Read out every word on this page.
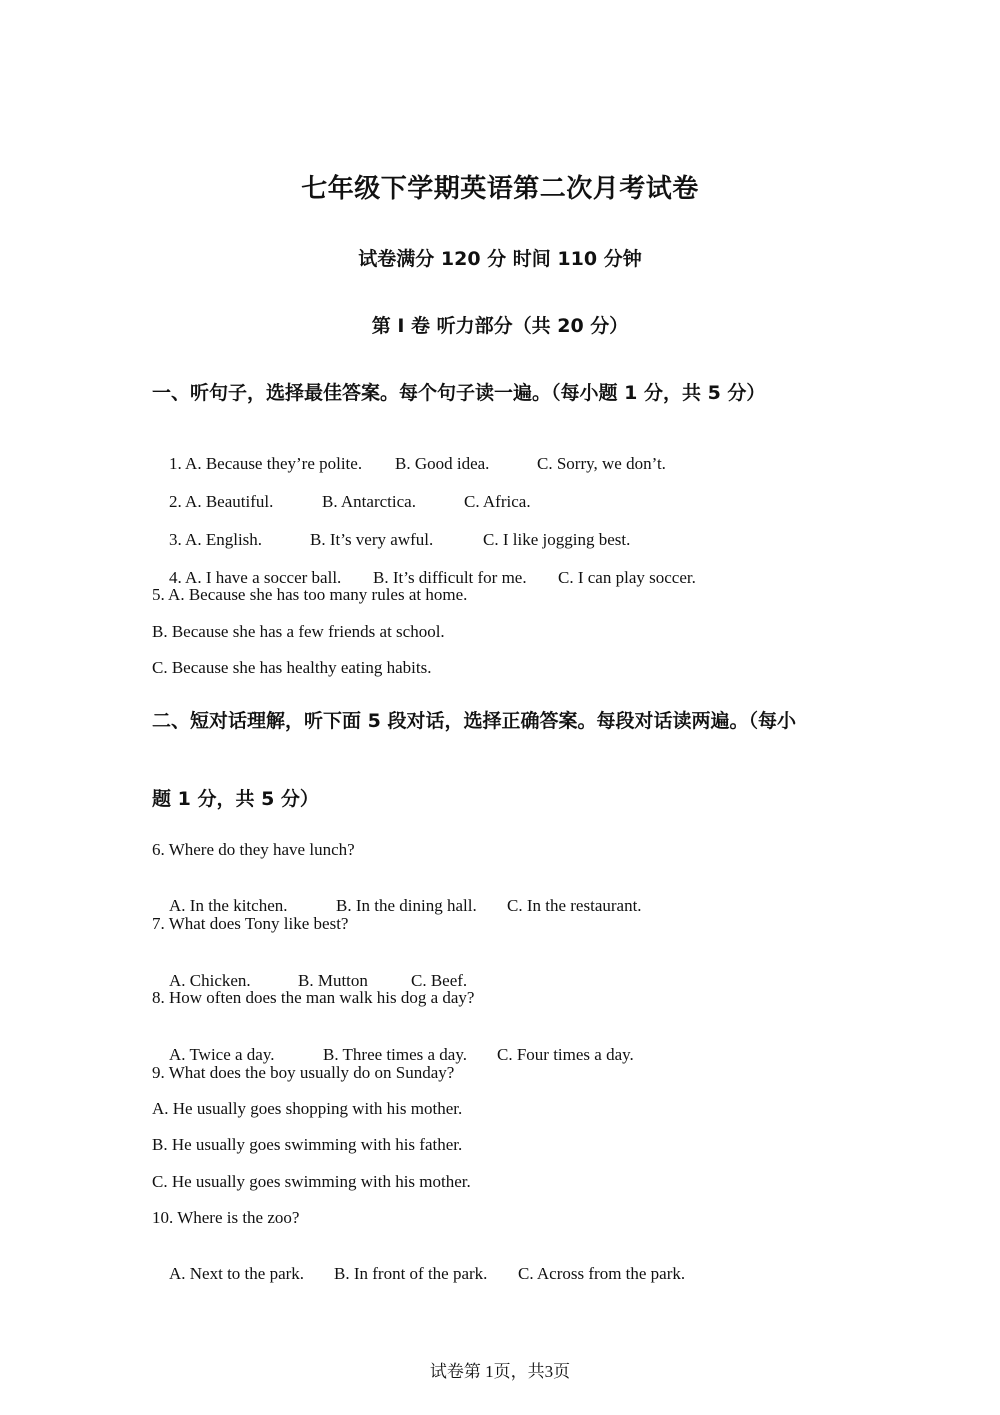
七年级下学期英语第二次月考试卷
试卷满分 120 分 时间 110 分钟
第 I 卷 听力部分（共 20 分）
一、听句子，选择最佳答案。每个句子读一遍。（每小题 1 分，共 5 分）

1. A. Because they’re polite. B. Good idea.	C. Sorry, we don’t.

2. A. Beautiful.	B. Antarctica.	C. Africa.

3. A. English.	B. It’s very awful.	C. I like jogging best.

4. A. I have a soccer ball. B. It’s difficult for me. C. I can play soccer.

5. A. Because she has too many rules at home.
B. Because she has a few friends at school.
C. Because she has healthy eating habits.
二、短对话理解，听下面 5 段对话，选择正确答案。每段对话读两遍。（每小
题 1 分，共 5 分）
6. Where do they have lunch?

A. In the kitchen.	B. In the dining hall. C. In the restaurant.

7. What does Tony like best?

A. Chicken.	B. Mutton	C. Beef.

8. How often does the man walk his dog a day?

A. Twice a day.	B. Three times a day. C. Four times a day.

9. What does the boy usually do on Sunday?
A. He usually goes shopping with his mother.
B. He usually goes swimming with his father.
C. He usually goes swimming with his mother.
10. Where is the zoo?

A. Next to the park. B. In front of the park. C. Across from the park.

试卷第 1页，共3页
